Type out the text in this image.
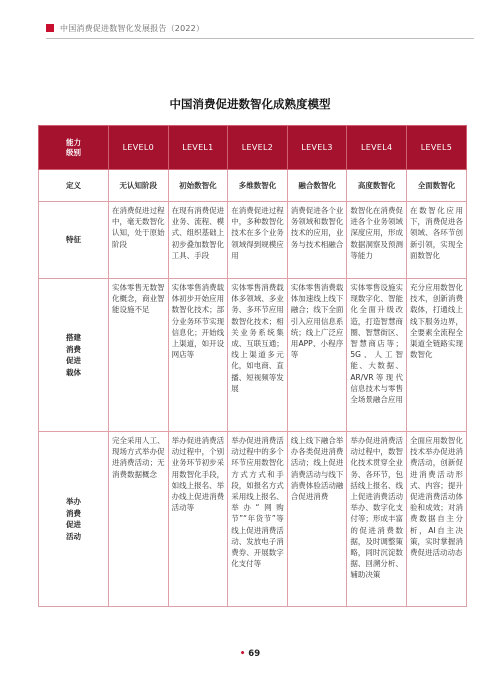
中国消费促进数智化发展报告（2022）
中国消费促进数智化成熟度模型
能力
级别	LEVEL0	LEVEL1	LEVEL2	LEVEL3	LEVEL4	LEVEL5
定义	无认知阶段	初始数智化	多维数智化	融合数智化	高度数智化	全面数智化
特征	在消费促进过程中，毫无数智化认知，处于原始阶段	在现有消费促进业务、流程、模式、组织基础上初步叠加数智化工具、手段	在消费促进过程中，多种数智化技术在多个业务领域得到规模应用	消费促进各个业务领域和数智化技术的应用，业务与技术相融合	数智化在消费促进各个业务领域深度应用，形成数据洞察及预测等能力	在数智化应用下，消费促进各领域、各环节创新引领，实现全面数智化
搭建
消费
促进
载体	实体零售无数智化概念，商业智能设施不足	实体零售消费载体初步开始应用数智化技术；部分业务环节实现信息化；开始线上渠道，如开设网店等	实体零售消费载体多领域、多业务、多环节应用数智化技术；相关业务系统集成、互联互通；线上渠道多元化，如电商、直播、短视频等发展	实体零售消费载体加速线上线下融合；线下全面引入应用信息系统；线上广泛应用APP、小程序等	实体零售设施实现数字化、智能化全面升级改造，打造智慧商圈、智慧街区、智慧商店等；5G、人工智能、大数据、AR/VR等现代信息技术与零售全场景融合应用	充分应用数智化技术，创新消费载体，打通线上线下服务边界，全要素全流程全渠道全链路实现数智化
举办
消费
促进
活动	完全采用人工、现场方式举办促进消费活动；无消费数据概念	举办促进消费活动过程中，个别业务环节初步采用数智化手段，如线上报名、举办线上促进消费活动等	举办促进消费活动过程中的多个环节应用数智化方式方式和手段，如报名方式采用线上报名、举办“网购节”“年货节”等线上促进消费活动、发放电子消费券、开展数字化支付等	线上线下融合举办各类促进消费活动；线上促进消费活动与线下消费体验活动融合促进消费	举办促进消费活动过程中，数智化技术贯穿全业务、各环节，包括线上报名、线上促进消费活动举办、数字化支付等；形成丰富的促进消费数据，及时调整策略，同时沉淀数据、回溯分析、辅助决策	全面应用数智化技术举办促进消费活动，创新促进消费活动形式、内容；提升促进消费活动体验和成效；对消费数据自主分析，AI自主决策，实时掌握消费促进活动动态
• 69
